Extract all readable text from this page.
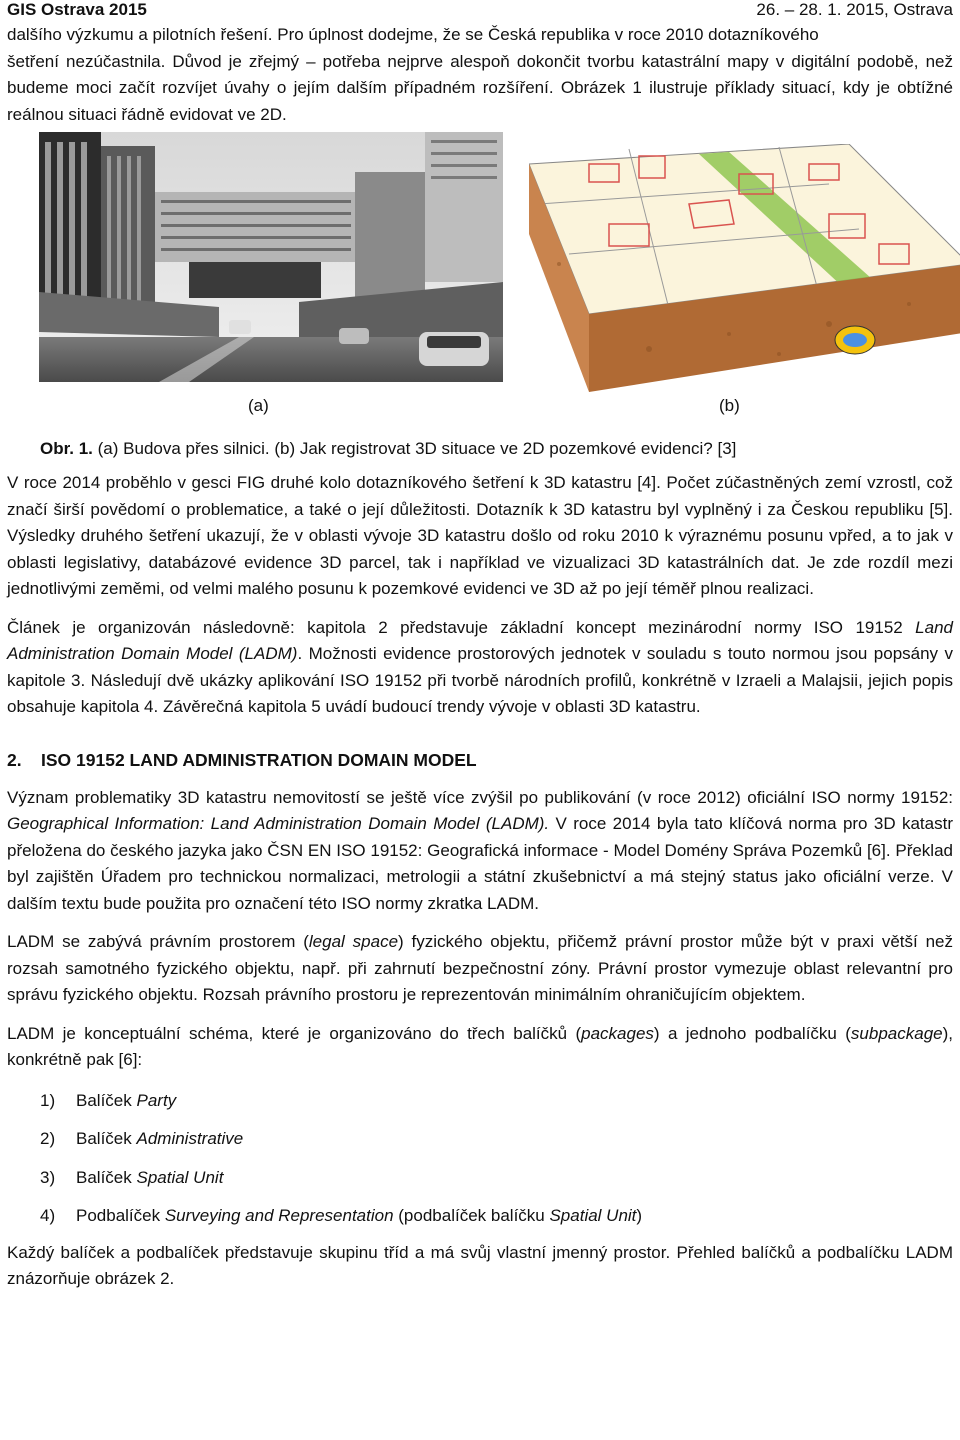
GIS Ostrava 2015	26. – 28. 1. 2015, Ostrava

dalšího výzkumu a pilotních řešení. Pro úplnost dodejme, že se Česká republika v roce 2010 dotazníkového

šetření nezúčastnila. Důvod je zřejmý – potřeba nejprve alespoň dokončit tvorbu katastrální mapy v digitální podobě, než budeme moci začít rozvíjet úvahy o jejím dalším případném rozšíření. Obrázek 1 ilustruje příklady situací, kdy je obtížné reálnou situaci řádně evidovat ve 2D.

(a)	(b)

Obr. 1. (a) Budova přes silnici. (b) Jak registrovat 3D situace ve 2D pozemkové evidenci? [3]

V roce 2014 proběhlo v gesci FIG druhé kolo dotazníkového šetření k 3D katastru [4]. Počet zúčastněných zemí vzrostl, což značí širší povědomí o problematice, a také o její důležitosti. Dotazník k 3D katastru byl vyplněný i za Českou republiku [5]. Výsledky druhého šetření ukazují, že v oblasti vývoje 3D katastru došlo od roku 2010 k výraznému posunu vpřed, a to jak v oblasti legislativy, databázové evidence 3D parcel, tak i například ve vizualizaci 3D katastrálních dat. Je zde rozdíl mezi jednotlivými zeměmi, od velmi malého posunu k pozemkové evidenci ve 3D až po její téměř plnou realizaci.

Článek je organizován následovně: kapitola 2 představuje základní koncept mezinárodní normy ISO 19152 Land Administration Domain Model (LADM). Možnosti evidence prostorových jednotek v souladu s touto normou jsou popsány v kapitole 3. Následují dvě ukázky aplikování ISO 19152 při tvorbě národních profilů, konkrétně v Izraeli a Malajsii, jejich popis obsahuje kapitola 4. Závěrečná kapitola 5 uvádí budoucí trendy vývoje v oblasti 3D katastru.

2. ISO 19152 LAND ADMINISTRATION DOMAIN MODEL

Význam problematiky 3D katastru nemovitostí se ještě více zvýšil po publikování (v roce 2012) oficiální ISO normy 19152: Geographical Information: Land Administration Domain Model (LADM). V roce 2014 byla tato klíčová norma pro 3D katastr přeložena do českého jazyka jako ČSN EN ISO 19152: Geografická informace - Model Domény Správa Pozemků [6]. Překlad byl zajištěn Úřadem pro technickou normalizaci, metrologii a státní zkušebnictví a má stejný status jako oficiální verze. V dalším textu bude použita pro označení této ISO normy zkratka LADM.

LADM se zabývá právním prostorem (legal space) fyzického objektu, přičemž právní prostor může být v praxi větší než rozsah samotného fyzického objektu, např. při zahrnutí bezpečnostní zóny. Právní prostor vymezuje oblast relevantní pro správu fyzického objektu. Rozsah právního prostoru je reprezentován minimálním ohraničujícím objektem.

LADM je konceptuální schéma, které je organizováno do třech balíčků (packages) a jednoho podbalíčku (subpackage), konkrétně pak [6]:

1) Balíček Party
2) Balíček Administrative
3) Balíček Spatial Unit
4) Podbalíček Surveying and Representation (podbalíček balíčku Spatial Unit)

Každý balíček a podbalíček představuje skupinu tříd a má svůj vlastní jmenný prostor. Přehled balíčků a podbalíčku LADM znázorňuje obrázek 2.
